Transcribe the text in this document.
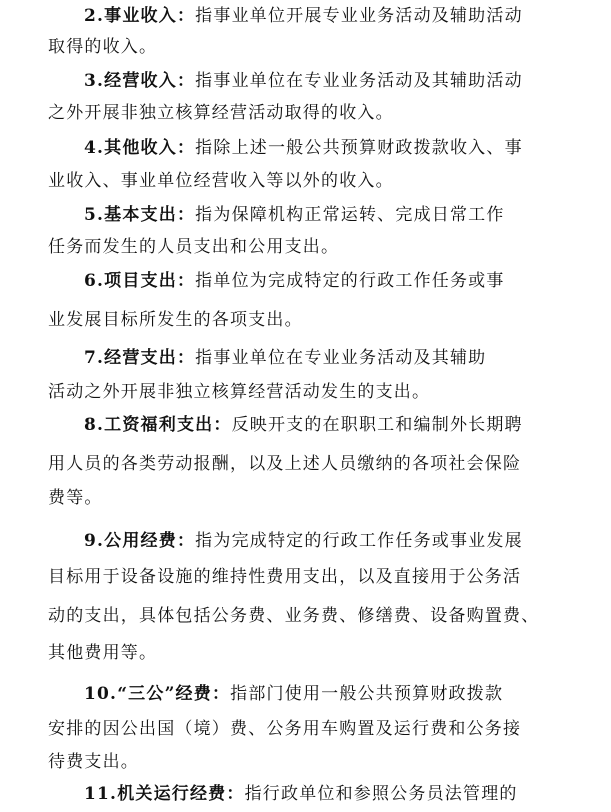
2.事业收入：指事业单位开展专业业务活动及辅助活动
取得的收入。
3.经营收入：指事业单位在专业业务活动及其辅助活动
之外开展非独立核算经营活动取得的收入。
4.其他收入：指除上述一般公共预算财政拨款收入、事
业收入、事业单位经营收入等以外的收入。
5.基本支出：指为保障机构正常运转、完成日常工作
任务而发生的人员支出和公用支出。
6.项目支出：指单位为完成特定的行政工作任务或事
业发展目标所发生的各项支出。
7.经营支出：指事业单位在专业业务活动及其辅助
活动之外开展非独立核算经营活动发生的支出。
8.工资福利支出：反映开支的在职职工和编制外长期聘
用人员的各类劳动报酬，以及上述人员缴纳的各项社会保险
费等。
9.公用经费：指为完成特定的行政工作任务或事业发展
目标用于设备设施的维持性费用支出，以及直接用于公务活
动的支出，具体包括公务费、业务费、修缮费、设备购置费、
其他费用等。
10.“三公”经费：指部门使用一般公共预算财政拨款
安排的因公出国（境）费、公务用车购置及运行费和公务接
待费支出。
11.机关运行经费：指行政单位和参照公务员法管理的
